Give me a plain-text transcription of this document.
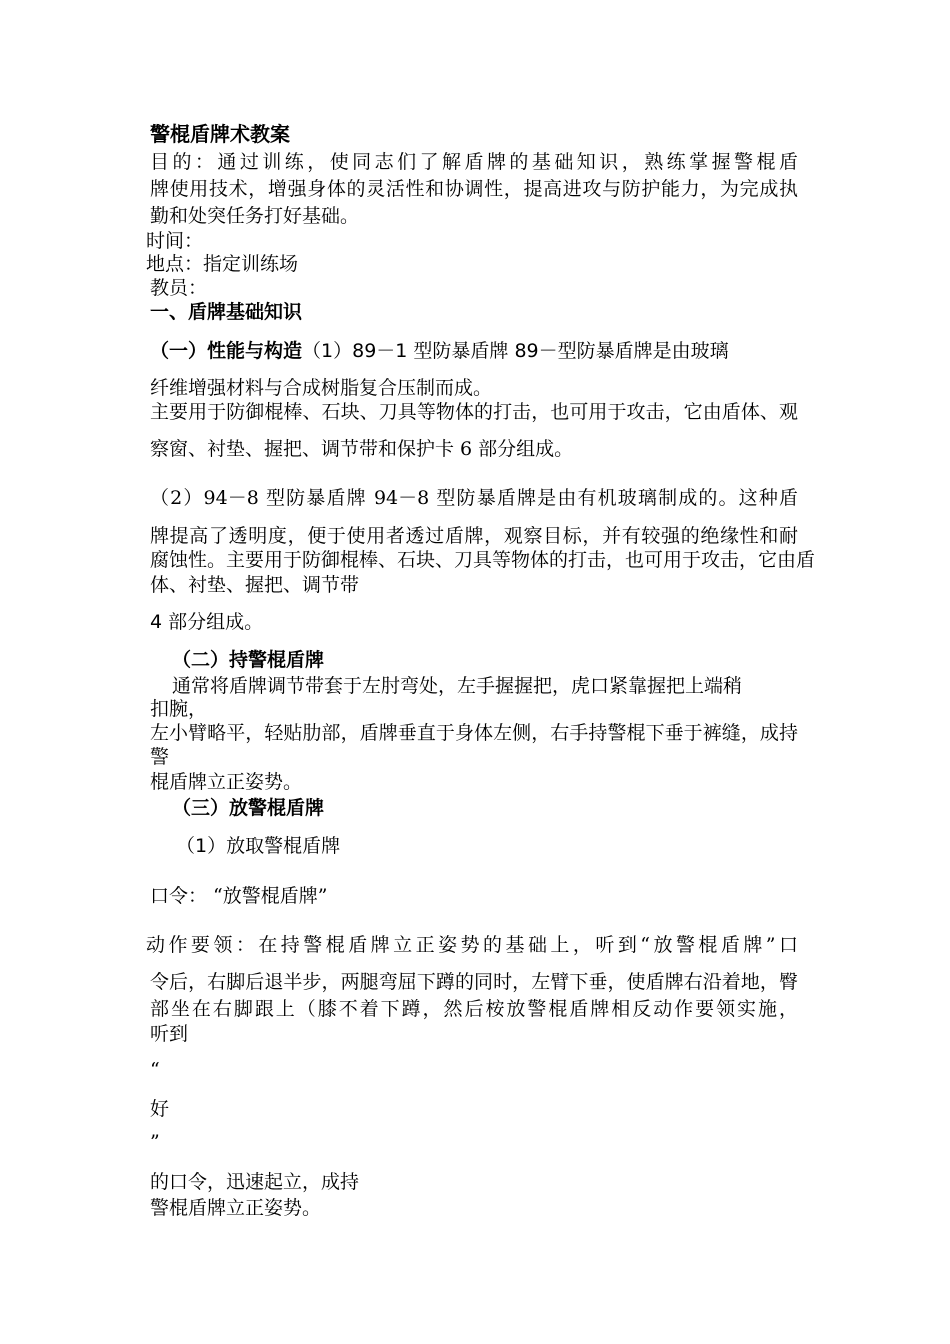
警棍盾牌术教案
目的：通过训练，使同志们了解盾牌的基础知识，熟练掌握警棍盾
牌使用技术，增强身体的灵活性和协调性，提高进攻与防护能力，为完成执
勤和处突任务打好基础。
时间：
地点：指定训练场
教员：
一、盾牌基础知识
（一）性能与构造（1）89－1 型防暴盾牌 89－型防暴盾牌是由玻璃
纤维增强材料与合成树脂复合压制而成。
主要用于防御棍棒、石块、刀具等物体的打击，也可用于攻击，它由盾体、观
察窗、衬垫、握把、调节带和保护卡 6 部分组成。
（2）94－8 型防暴盾牌 94－8 型防暴盾牌是由有机玻璃制成的。这种盾
牌提高了透明度，便于使用者透过盾牌，观察目标，并有较强的绝缘性和耐
腐蚀性。主要用于防御棍棒、石块、刀具等物体的打击，也可用于攻击，它由盾
体、衬垫、握把、调节带
4 部分组成。
（二）持警棍盾牌
通常将盾牌调节带套于左肘弯处，左手握握把，虎口紧靠握把上端稍
扣腕，
左小臂略平，轻贴肋部，盾牌垂直于身体左侧，右手持警棍下垂于裤缝，成持
警
棍盾牌立正姿势。
（三）放警棍盾牌
（1）放取警棍盾牌
口令： “放警棍盾牌”
动作要领：在持警棍盾牌立正姿势的基础上，听到“放警棍盾牌”口
令后，右脚后退半步，两腿弯屈下蹲的同时，左臂下垂，使盾牌右沿着地，臀
部坐在右脚跟上（膝不着下蹲，然后桉放警棍盾牌相反动作要领实施，
听到
“
好
”
的口令，迅速起立，成持
警棍盾牌立正姿势。
